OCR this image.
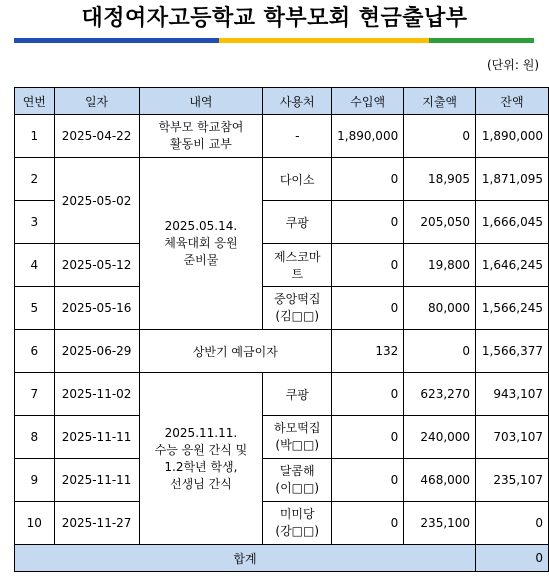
대정여자고등학교 학부모회 현금출납부
(단위: 원)
연번	일자	내역	사용처	수입액	지출액	잔액
1	2025-04-22	학부모 학교참여
활동비 교부	-	1,890,000	0	1,890,000
2	2025-05-02	2025.05.14.
체육대회 응원
준비물	다이소	0	18,905	1,871,095
3			쿠팡	0	205,050	1,666,045
4	2025-05-12		제스코마트	0	19,800	1,646,245
5	2025-05-16		중앙떡집
(김□□)	0	80,000	1,566,245
6	2025-06-29	상반기 예금이자		132	0	1,566,377
7	2025-11-02	2025.11.11.
수능 응원 간식 및
1.2학년 학생,
선생님 간식	쿠팡	0	623,270	943,107
8	2025-11-11		하모떡집
(박□□)	0	240,000	703,107
9	2025-11-11		달콤해
(이□□)	0	468,000	235,107
10	2025-11-27		미미당
(강□□)	0	235,100	0
합계						0
